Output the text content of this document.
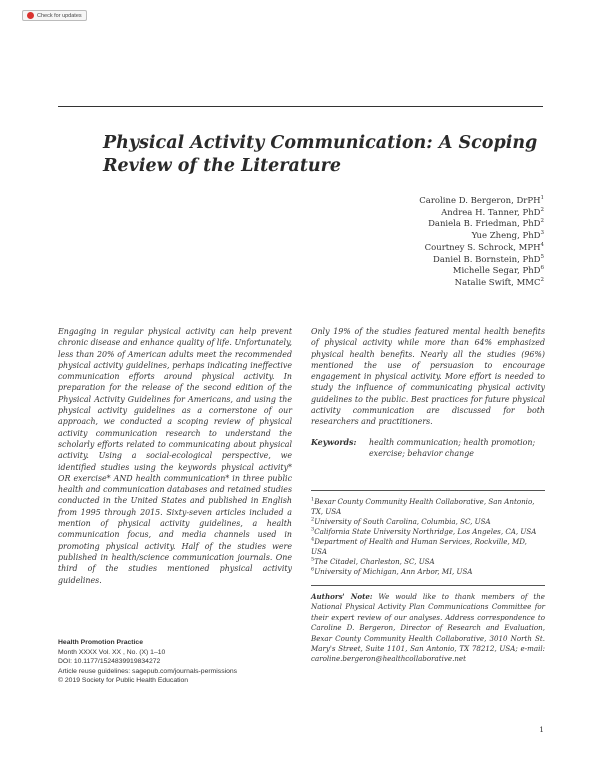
Check for updates
Physical Activity Communication: A Scoping
Review of the Literature
Caroline D. Bergeron, DrPH$^1$
Andrea H. Tanner, PhD$^2$
Daniela B. Friedman, PhD$^2$
Yue Zheng, PhD$^3$
Courtney S. Schrock, MPH$^4$
Daniel B. Bornstein, PhD$^5$
Michelle Segar, PhD$^6$
Natalie Swift, MMC$^2$
Engaging in regular physical activity can help prevent chronic disease and enhance quality of life. Unfortunately, less than 20% of American adults meet the recommended physical activity guidelines, perhaps indicating ineffective communication efforts around physical activity. In preparation for the release of the second edition of the Physical Activity Guidelines for Americans, and using the physical activity guidelines as a cornerstone of our approach, we conducted a scoping review of physical activity communication research to understand the scholarly efforts related to communicating about physical activity. Using a social-ecological perspective, we identified studies using the keywords physical activity* OR exercise* AND health communication* in three public health and communication databases and retained studies conducted in the United States and published in English from 1995 through 2015. Sixty-seven articles included a mention of physical activity guidelines, a health communication focus, and media channels used in promoting physical activity. Half of the studies were published in health/science communication journals. One third of the studies mentioned physical activity guidelines.
Only 19% of the studies featured mental health benefits of physical activity while more than 64% emphasized physical health benefits. Nearly all the studies (96%) mentioned the use of persuasion to encourage engagement in physical activity. More effort is needed to study the influence of communicating physical activity guidelines to the public. Best practices for future physical activity communication are discussed for both researchers and practitioners.
Keywords:	health communication; health promotion; exercise; behavior change
$^1$Bexar County Community Health Collaborative, San Antonio, TX, USA
$^2$University of South Carolina, Columbia, SC, USA
$^3$California State University Northridge, Los Angeles, CA, USA
$^4$Department of Health and Human Services, Rockville, MD, USA
$^5$The Citadel, Charleston, SC, USA
$^6$University of Michigan, Ann Arbor, MI, USA
Authors' Note: We would like to thank members of the National Physical Activity Plan Communications Committee for their expert review of our analyses. Address correspondence to Caroline D. Bergeron, Director of Research and Evaluation, Bexar County Community Health Collaborative, 3010 North St. Mary's Street, Suite 1101, San Antonio, TX 78212, USA; e-mail: caroline.bergeron@healthcollaborative.net
Health Promotion Practice
Month XXXX Vol. XX , No. (X) 1–10
DOI: 10.1177/1524839919834272
Article reuse guidelines: sagepub.com/journals-permissions
© 2019 Society for Public Health Education
1
